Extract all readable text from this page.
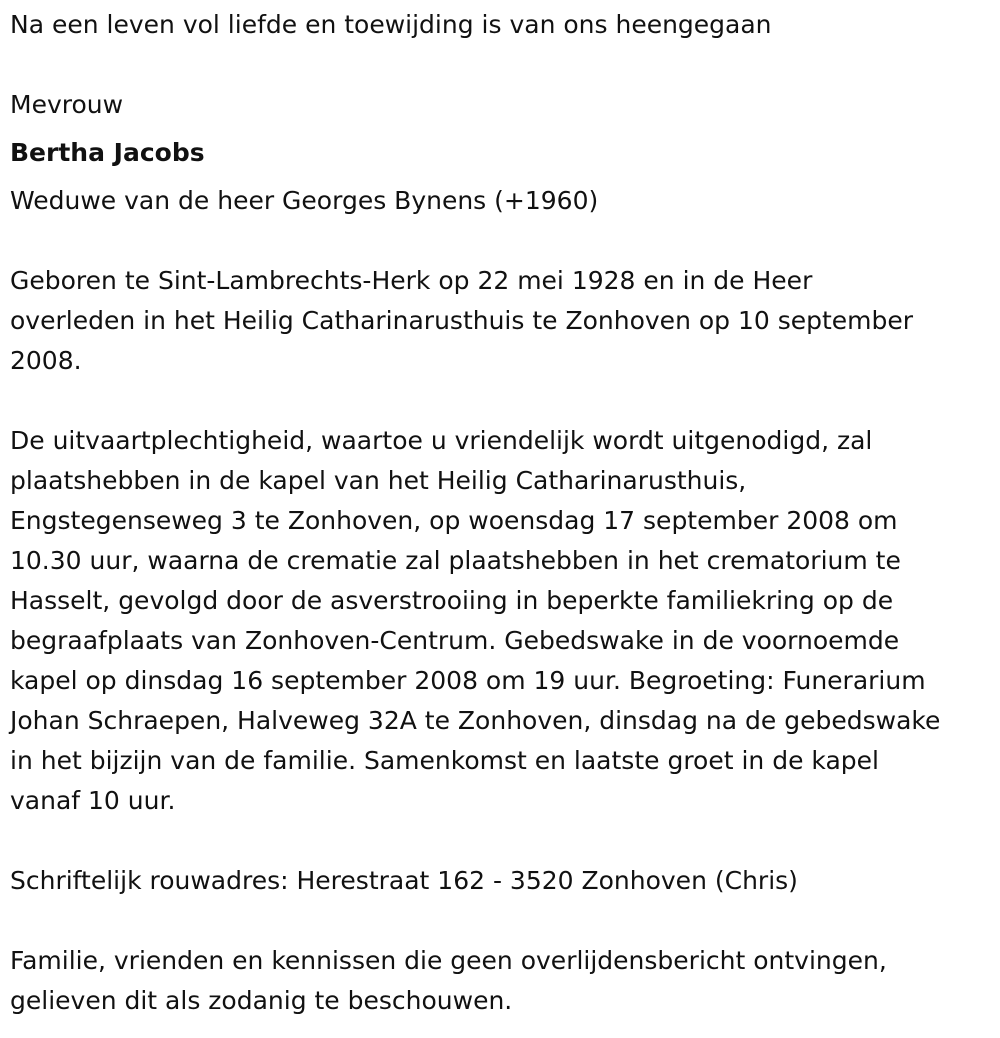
Na een leven vol liefde en toewijding is van ons heengegaan
Mevrouw
Bertha Jacobs
Weduwe van de heer Georges Bynens (+1960)
Geboren te Sint-Lambrechts-Herk op 22 mei 1928 en in de Heer
overleden in het Heilig Catharinarusthuis te Zonhoven op 10 september
2008.
De uitvaartplechtigheid, waartoe u vriendelijk wordt uitgenodigd, zal
plaatshebben in de kapel van het Heilig Catharinarusthuis,
Engstegenseweg 3 te Zonhoven, op woensdag 17 september 2008 om
10.30 uur, waarna de crematie zal plaatshebben in het crematorium te
Hasselt, gevolgd door de asverstrooiing in beperkte familiekring op de
begraafplaats van Zonhoven-Centrum. Gebedswake in de voornoemde
kapel op dinsdag 16 september 2008 om 19 uur. Begroeting: Funerarium
Johan Schraepen, Halveweg 32A te Zonhoven, dinsdag na de gebedswake
in het bijzijn van de familie. Samenkomst en laatste groet in de kapel
vanaf 10 uur.
Schriftelijk rouwadres: Herestraat 162 - 3520 Zonhoven (Chris)
Familie, vrienden en kennissen die geen overlijdensbericht ontvingen,
gelieven dit als zodanig te beschouwen.
